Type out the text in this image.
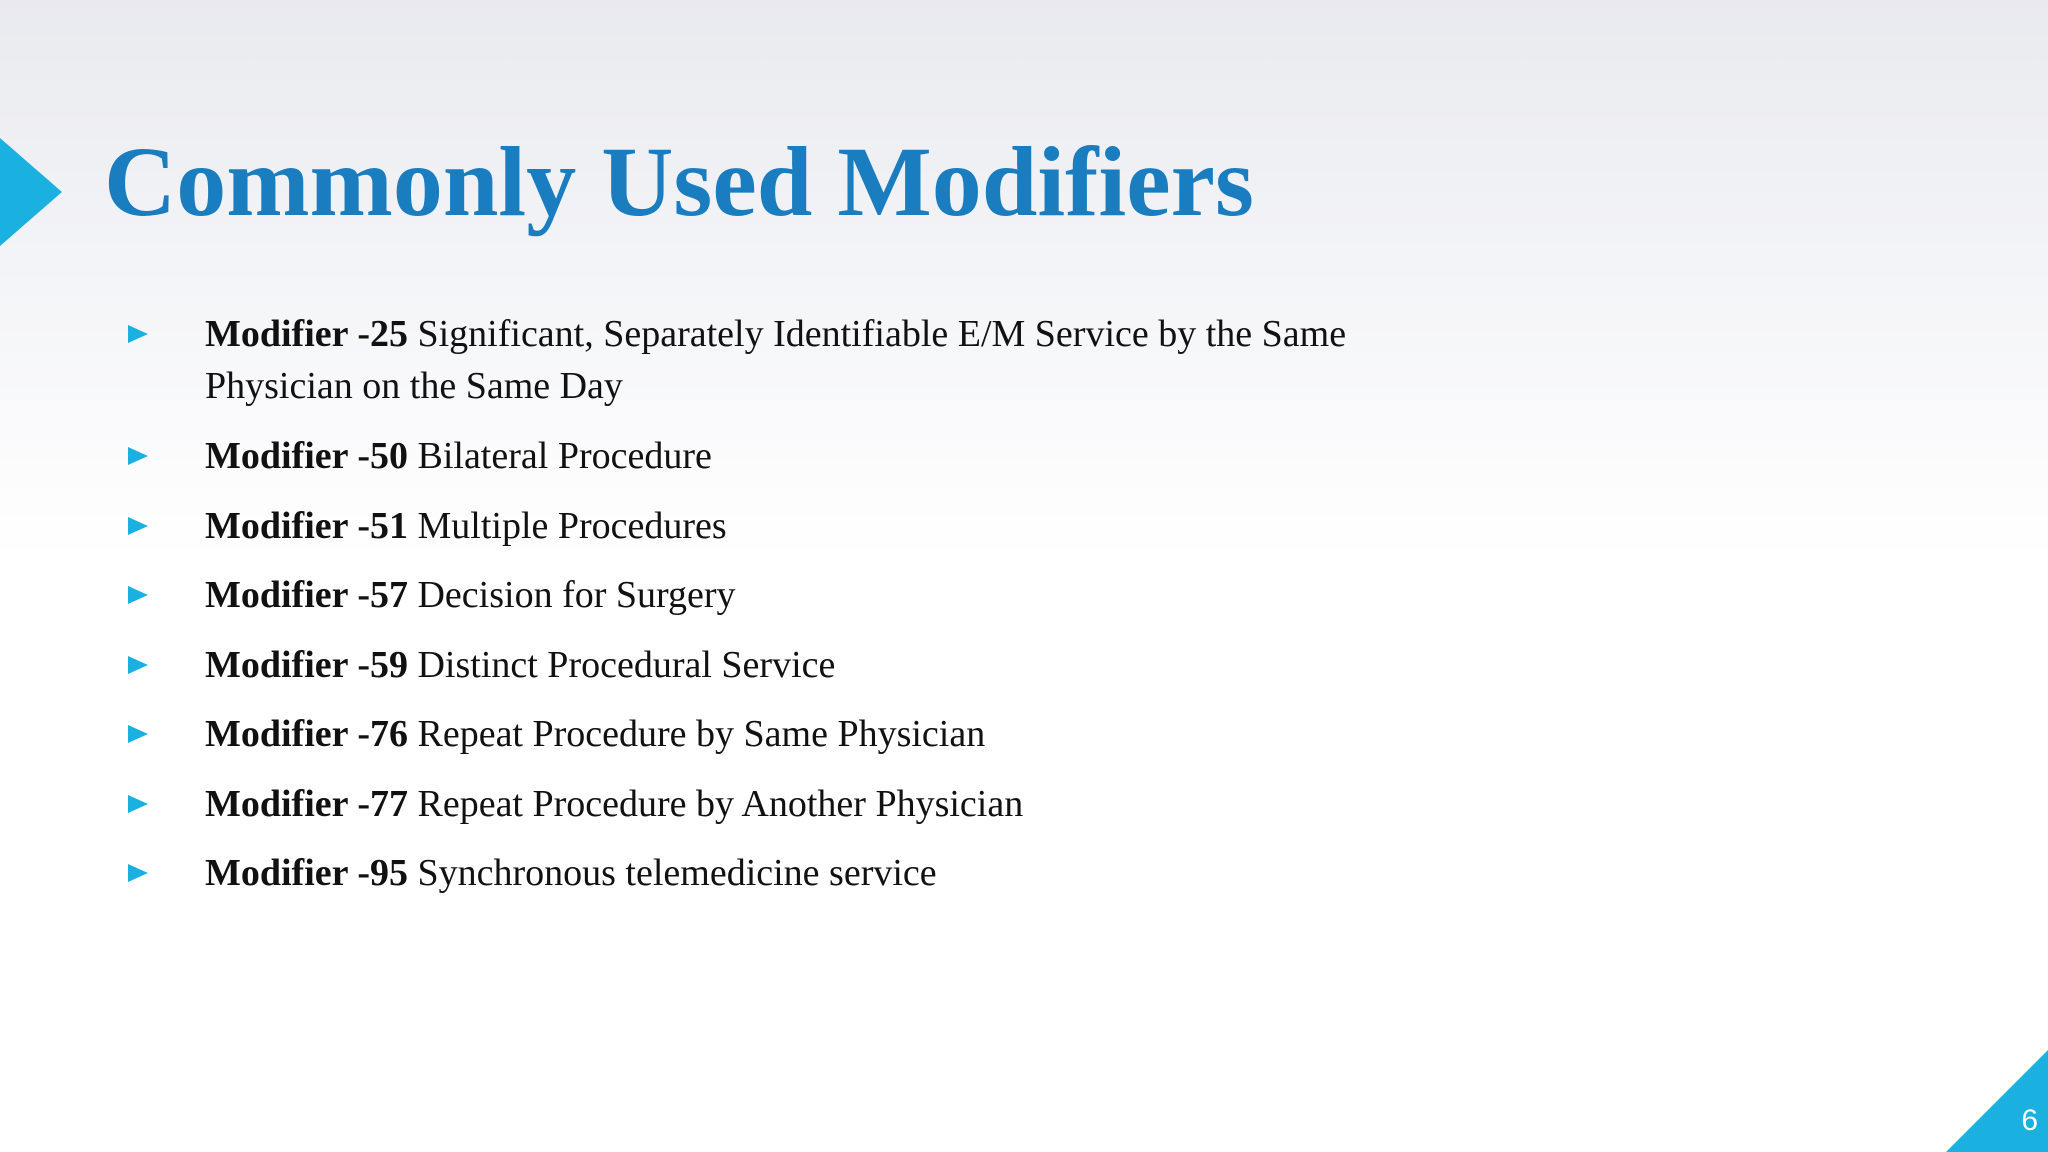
Commonly Used Modifiers
Modifier -25 Significant, Separately Identifiable E/M Service by the Same Physician on the Same Day
Modifier -50 Bilateral Procedure
Modifier -51 Multiple Procedures
Modifier -57 Decision for Surgery
Modifier -59 Distinct Procedural Service
Modifier -76 Repeat Procedure by Same Physician
Modifier -77 Repeat Procedure by Another Physician
Modifier -95 Synchronous telemedicine service
6
